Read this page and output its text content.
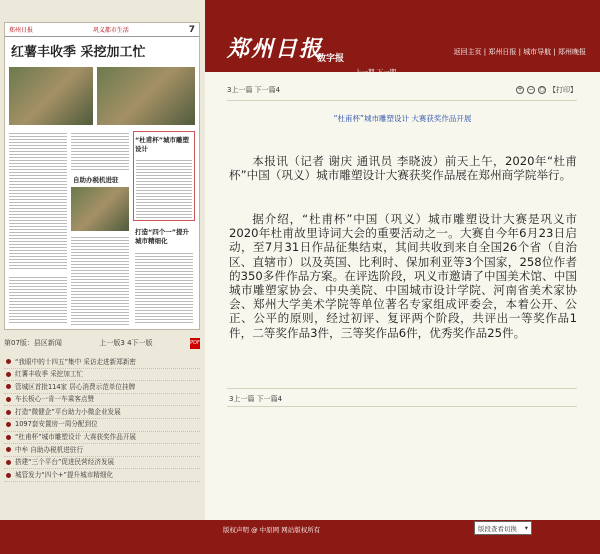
郑州日报	巩义都市生活	7
红薯丰收季 采挖加工忙
自助办税机进驻
“杜甫杯”城市雕塑设计
打造“四个一”提升城市精细化
第07版：县区新闻	上一版3 4下一版	PDF
“我眼中的十四五”集中 采访走进新郑新密
红薯丰收季 采挖加工忙
管城区首批114家 居心消费示范单位挂牌
车长板心一肯一车乘客点赞
打造“微健企”平台助力小微企业发展
1097套安置房一周分配到位
“杜甫杯”城市雕塑设计 大赛获奖作品开展
中牟 自助办税机进驻行
搭建“三个平台”促进民营经济发展
城管发力“四个+”提升城市精细化
郑州日报
数字报
返回主页 | 郑州日报 | 城市导航 | 郑州晚报
3上一篇 下一篇4	+ − ○ 【打印】
“杜甫杯”城市雕塑设计 大赛获奖作品开展
本报讯（记者 谢庆 通讯员 李晓波）前天上午，2020年“杜甫杯”中国（巩义）城市雕塑设计大赛获奖作品展在郑州商学院举行。
据介绍，“杜甫杯”中国（巩义）城市雕塑设计大赛是巩义市2020年杜甫故里诗词大会的重要活动之一。大赛自今年6月23日启动，至7月31日作品征集结束，其间共收到来自全国26个省（自治区、直辖市）以及英国、比利时、保加利亚等3个国家，258位作者的350多件作品方案。在评选阶段，巩义市邀请了中国美术馆、中国城市雕塑家协会、中央美院、中国城市设计学院、河南省美术家协会、郑州大学美术学院等单位著名专家组成评委会，本着公开、公正、公平的原则，经过初评、复评两个阶段，共评出一等奖作品1件，二等奖作品3件，三等奖作品6件，优秀奖作品25件。
3上一篇 下一篇4
版权声明 @ 中原网 网站版权所有	版段查看切换 ▾
